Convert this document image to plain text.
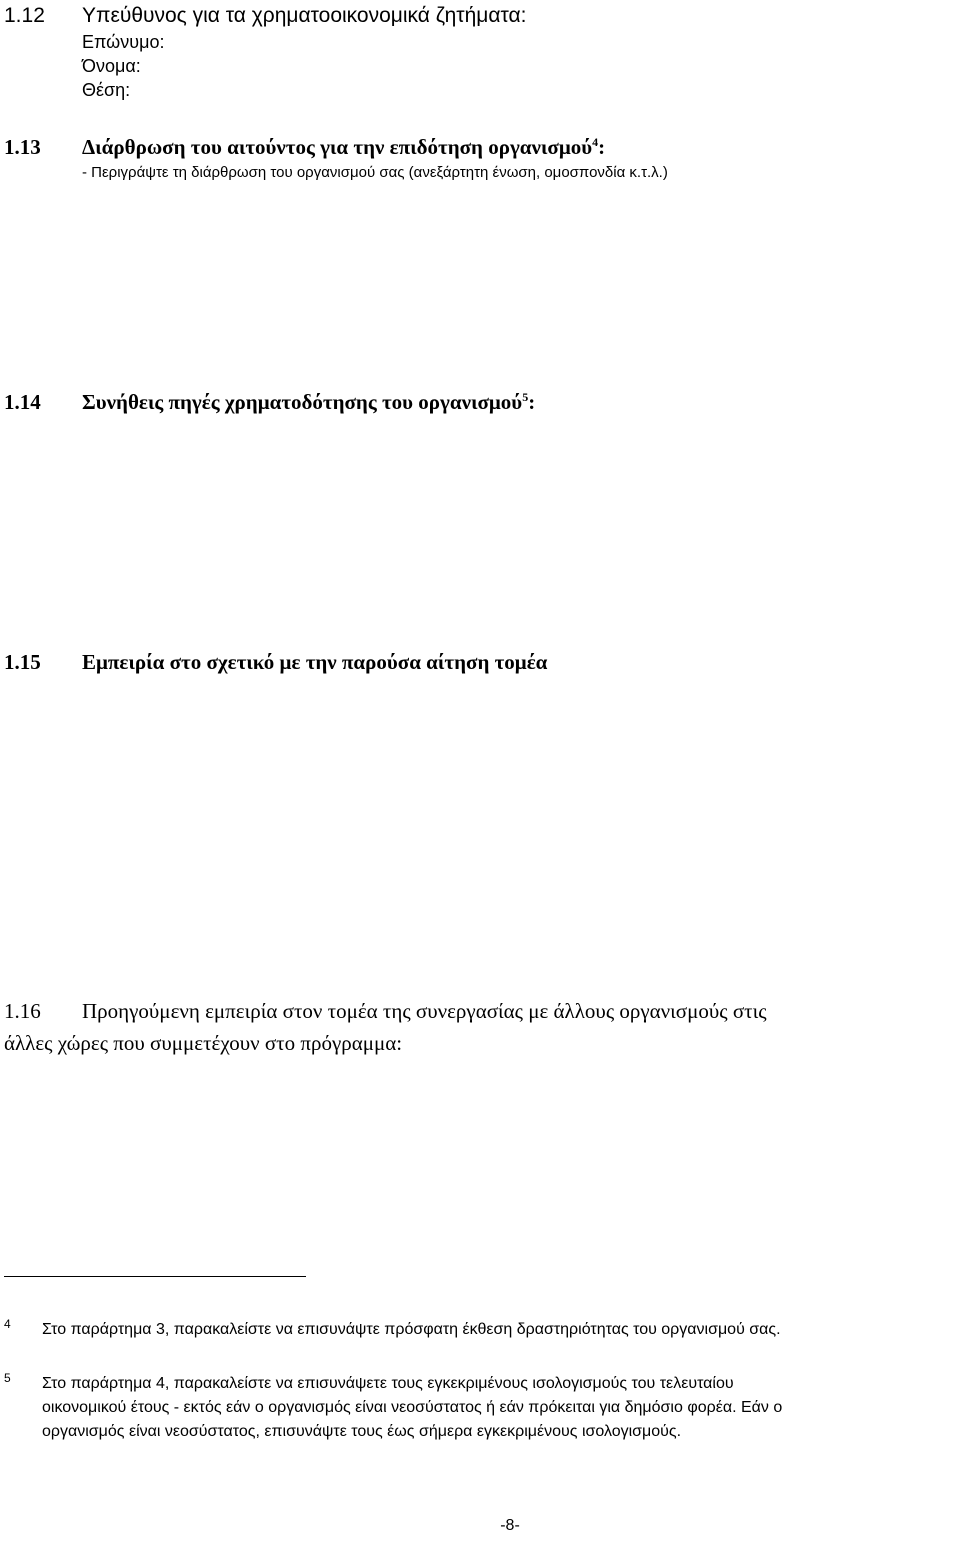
1.12 Υπεύθυνος για τα χρηματοοικονομικά ζητήματα:
Επώνυμο:
Όνομα:
Θέση:
1.13 Διάρθρωση του αιτούντος για την επιδότηση οργανισμού$^4$:
- Περιγράψτε τη διάρθρωση του οργανισμού σας (ανεξάρτητη ένωση, ομοσπονδία κ.τ.λ.)
1.14 Συνήθεις πηγές χρηματοδότησης του οργανισμού$^5$:
1.15 Εμπειρία στο σχετικό με την παρούσα αίτηση τομέα
1.16 Προηγούμενη εμπειρία στον τομέα της συνεργασίας με άλλους οργανισμούς στις
άλλες χώρες που συμμετέχουν στο πρόγραμμα:
4 Στο παράρτημα 3, παρακαλείστε να επισυνάψτε πρόσφατη έκθεση δραστηριότητας του οργανισμού σας.
5 Στο παράρτημα 4, παρακαλείστε να επισυνάψετε τους εγκεκριμένους ισολογισμούς του τελευταίου
οικονομικού έτους - εκτός εάν ο οργανισμός είναι νεοσύστατος ή εάν πρόκειται για δημόσιο φορέα. Εάν ο
οργανισμός είναι νεοσύστατος, επισυνάψτε τους έως σήμερα εγκεκριμένους ισολογισμούς.
-8-
